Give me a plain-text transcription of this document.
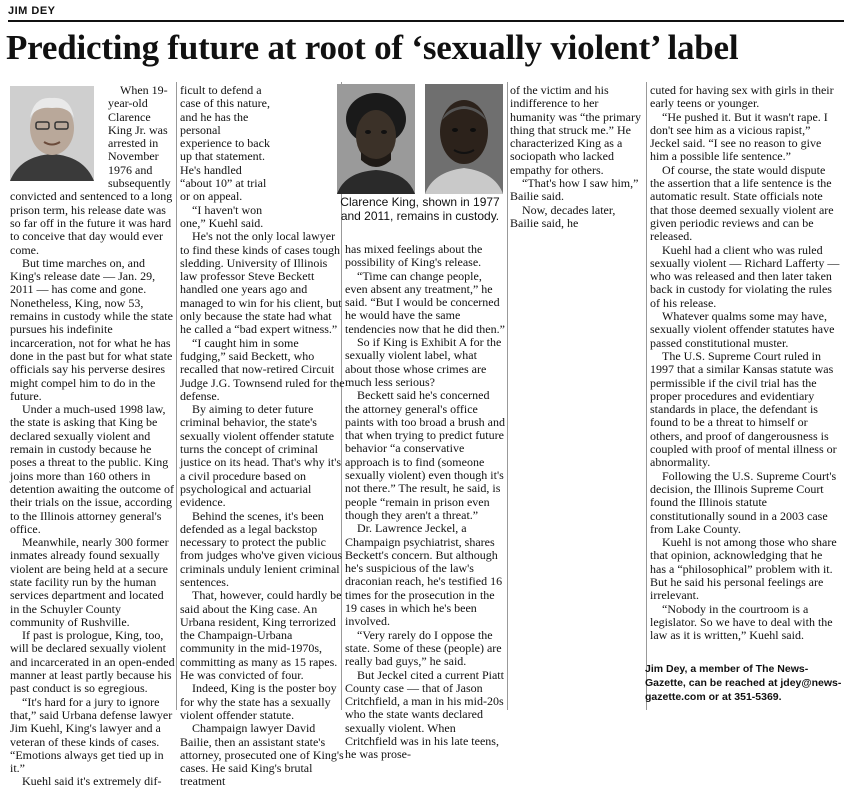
JIM DEY
Predicting future at root of ‘sexually violent’ label
Clarence King, shown in 1977 and 2011, remains in custody.

When 19-year-old Clarence King Jr. was arrested in November 1976 and subsequently convicted and sentenced to a long prison term, his release date was so far off in the future it was hard to conceive that day would ever come.

But time marches on, and King's release date — Jan. 29, 2011 — has come and gone. Nonetheless, King, now 53, remains in custody while the state pursues his indefinite incarceration, not for what he has done in the past but for what state officials say his perverse desires might compel him to do in the future.

Under a much-used 1998 law, the state is asking that King be declared sexually violent and remain in custody because he poses a threat to the public. King joins more than 160 others in detention awaiting the outcome of their trials on the issue, according to the Illinois attorney general's office.

Meanwhile, nearly 300 former inmates already found sexually violent are being held at a secure state facility run by the human services department and located in the Schuyler County community of Rushville.

If past is prologue, King, too, will be declared sexually violent and incarcerated in an open-ended manner at least partly because his past conduct is so egregious.

“It's hard for a jury to ignore that,” said Urbana defense lawyer Jim Kuehl, King's lawyer and a veteran of these kinds of cases. “Emotions always get tied up in it.”

Kuehl said it's extremely dif-

ficult to defend a case of this nature, and he has the personal experience to back up that statement. He's handled “about 10” at trial or on appeal.

“I haven't won one,” Kuehl said.

He's not the only local lawyer to find these kinds of cases tough sledding. University of Illinois law professor Steve Beckett handled one years ago and managed to win for his client, but only because the state had what he called a “bad expert witness.”

“I caught him in some fudging,” said Beckett, who recalled that now-retired Circuit Judge J.G. Townsend ruled for the defense.

By aiming to deter future criminal behavior, the state's sexually violent offender statute turns the concept of criminal justice on its head. That's why it's a civil procedure based on psychological and actuarial evidence.

Behind the scenes, it's been defended as a legal backstop necessary to protect the public from judges who've given vicious criminals unduly lenient criminal sentences.

That, however, could hardly be said about the King case. An Urbana resident, King terrorized the Champaign-Urbana community in the mid-1970s, committing as many as 15 rapes. He was convicted of four.

Indeed, King is the poster boy for why the state has a sexually violent offender statute.

Champaign lawyer David Bailie, then an assistant state's attorney, prosecuted one of King's cases. He said King's brutal treatment

has mixed feelings about the possibility of King's release.

“Time can change people, even absent any treatment,” he said. “But I would be concerned he would have the same tendencies now that he did then.”

So if King is Exhibit A for the sexually violent label, what about those whose crimes are much less serious?

Beckett said he's concerned the attorney general's office paints with too broad a brush and that when trying to predict future behavior “a conservative approach is to find (someone sexually violent) even though it's not there.” The result, he said, is people “remain in prison even though they aren't a threat.”

Dr. Lawrence Jeckel, a Champaign psychiatrist, shares Beckett's concern. But although he's suspicious of the law's draconian reach, he's testified 16 times for the prosecution in the 19 cases in which he's been involved.

“Very rarely do I oppose the state. Some of these (people) are really bad guys,” he said.

But Jeckel cited a current Piatt County case — that of Jason Critchfield, a man in his mid-20s who the state wants declared sexually violent. When Critchfield was in his late teens, he was prose-

of the victim and his indifference to her humanity was “the primary thing that struck me.” He characterized King as a sociopath who lacked empathy for others.

“That's how I saw him,” Bailie said.

Now, decades later, Bailie said, he

cuted for having sex with girls in their early teens or younger.

“He pushed it. But it wasn't rape. I don't see him as a vicious rapist,” Jeckel said. “I see no reason to give him a possible life sentence.”

Of course, the state would dispute the assertion that a life sentence is the automatic result. State officials note that those deemed sexually violent are given periodic reviews and can be released.

Kuehl had a client who was ruled sexually violent — Richard Lafferty — who was released and then later taken back in custody for violating the rules of his release.

Whatever qualms some may have, sexually violent offender statutes have passed constitutional muster.

The U.S. Supreme Court ruled in 1997 that a similar Kansas statute was permissible if the civil trial has the proper procedures and evidentiary standards in place, the defendant is found to be a threat to himself or others, and proof of dangerousness is coupled with proof of mental illness or abnormality.

Following the U.S. Supreme Court's decision, the Illinois Supreme Court found the Illinois statute constitutionally sound in a 2003 case from Lake County.

Kuehl is not among those who share that opinion, acknowledging that he has a “philosophical” problem with it. But he said his personal feelings are irrelevant.

“Nobody in the courtroom is a legislator. So we have to deal with the law as it is written,” Kuehl said.

Jim Dey, a member of The News-Gazette, can be reached at jdey@news-gazette.com or at 351-5369.
